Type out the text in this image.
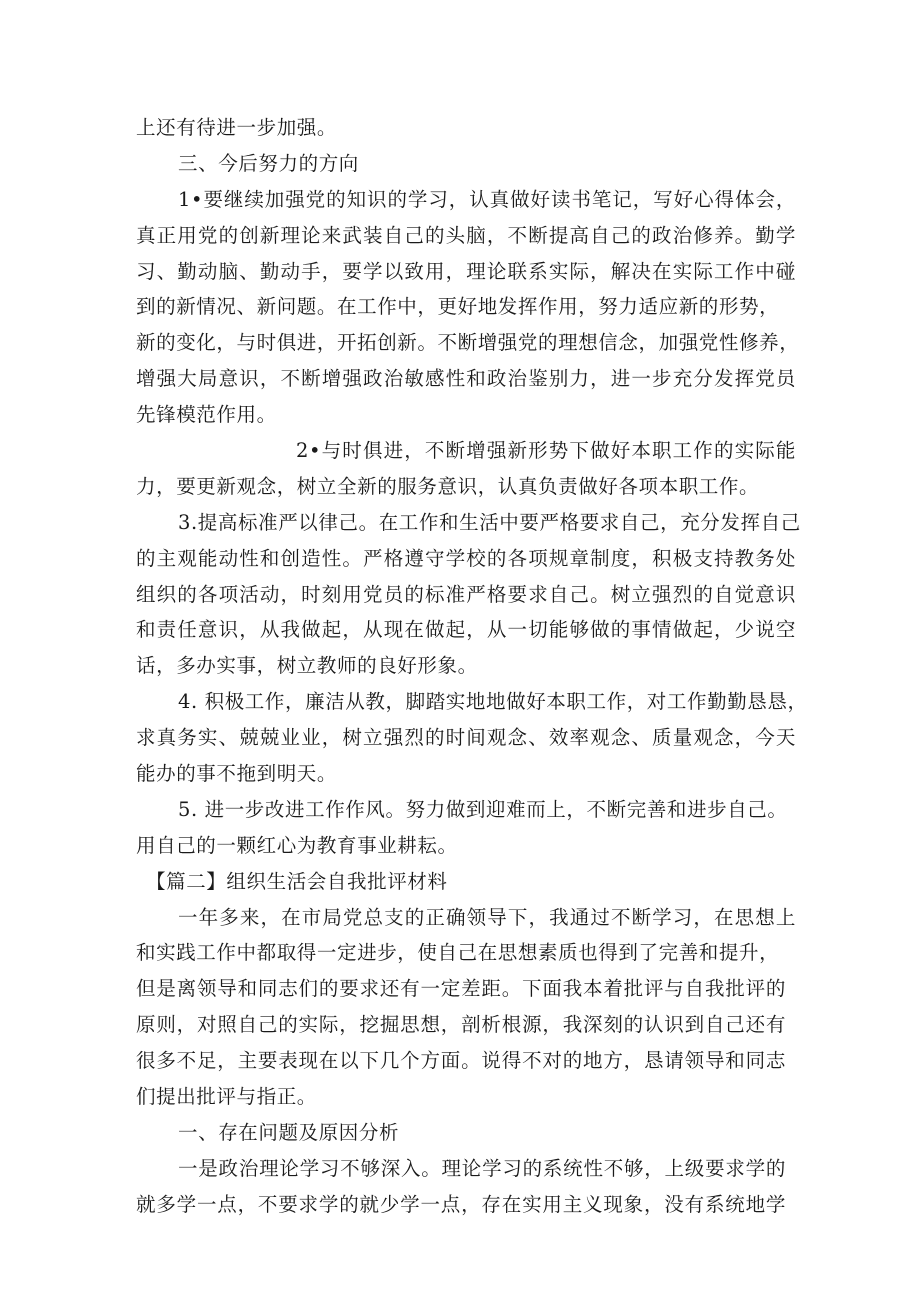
上还有待进一步加强。
三、今后努力的方向
1•要继续加强党的知识的学习，认真做好读书笔记，写好心得体会，
真正用党的创新理论来武装自己的头脑，不断提高自己的政治修养。勤学
习、勤动脑、勤动手，要学以致用，理论联系实际，解决在实际工作中碰
到的新情况、新问题。在工作中，更好地发挥作用，努力适应新的形势，
新的变化，与时俱进，开拓创新。不断增强党的理想信念，加强党性修养，
增强大局意识，不断增强政治敏感性和政治鉴别力，进一步充分发挥党员
先锋模范作用。
2•与时俱进，不断增强新形势下做好本职工作的实际能
力，要更新观念，树立全新的服务意识，认真负责做好各项本职工作。
3.提高标准严以律己。在工作和生活中要严格要求自己，充分发挥自己
的主观能动性和创造性。严格遵守学校的各项规章制度，积极支持教务处
组织的各项活动，时刻用党员的标准严格要求自己。树立强烈的自觉意识
和责任意识，从我做起，从现在做起，从一切能够做的事情做起，少说空
话，多办实事，树立教师的良好形象。
4. 积极工作，廉洁从教，脚踏实地地做好本职工作，对工作勤勤恳恳，
求真务实、兢兢业业，树立强烈的时间观念、效率观念、质量观念，今天
能办的事不拖到明天。
5. 进一步改进工作作风。努力做到迎难而上，不断完善和进步自己。
用自己的一颗红心为教育事业耕耘。
【篇二】组织生活会自我批评材料
一年多来，在市局党总支的正确领导下，我通过不断学习，在思想上
和实践工作中都取得一定进步，使自己在思想素质也得到了完善和提升，
但是离领导和同志们的要求还有一定差距。下面我本着批评与自我批评的
原则，对照自己的实际，挖掘思想，剖析根源，我深刻的认识到自己还有
很多不足，主要表现在以下几个方面。说得不对的地方，恳请领导和同志
们提出批评与指正。
一、存在问题及原因分析
一是政治理论学习不够深入。理论学习的系统性不够，上级要求学的
就多学一点，不要求学的就少学一点，存在实用主义现象，没有系统地学
